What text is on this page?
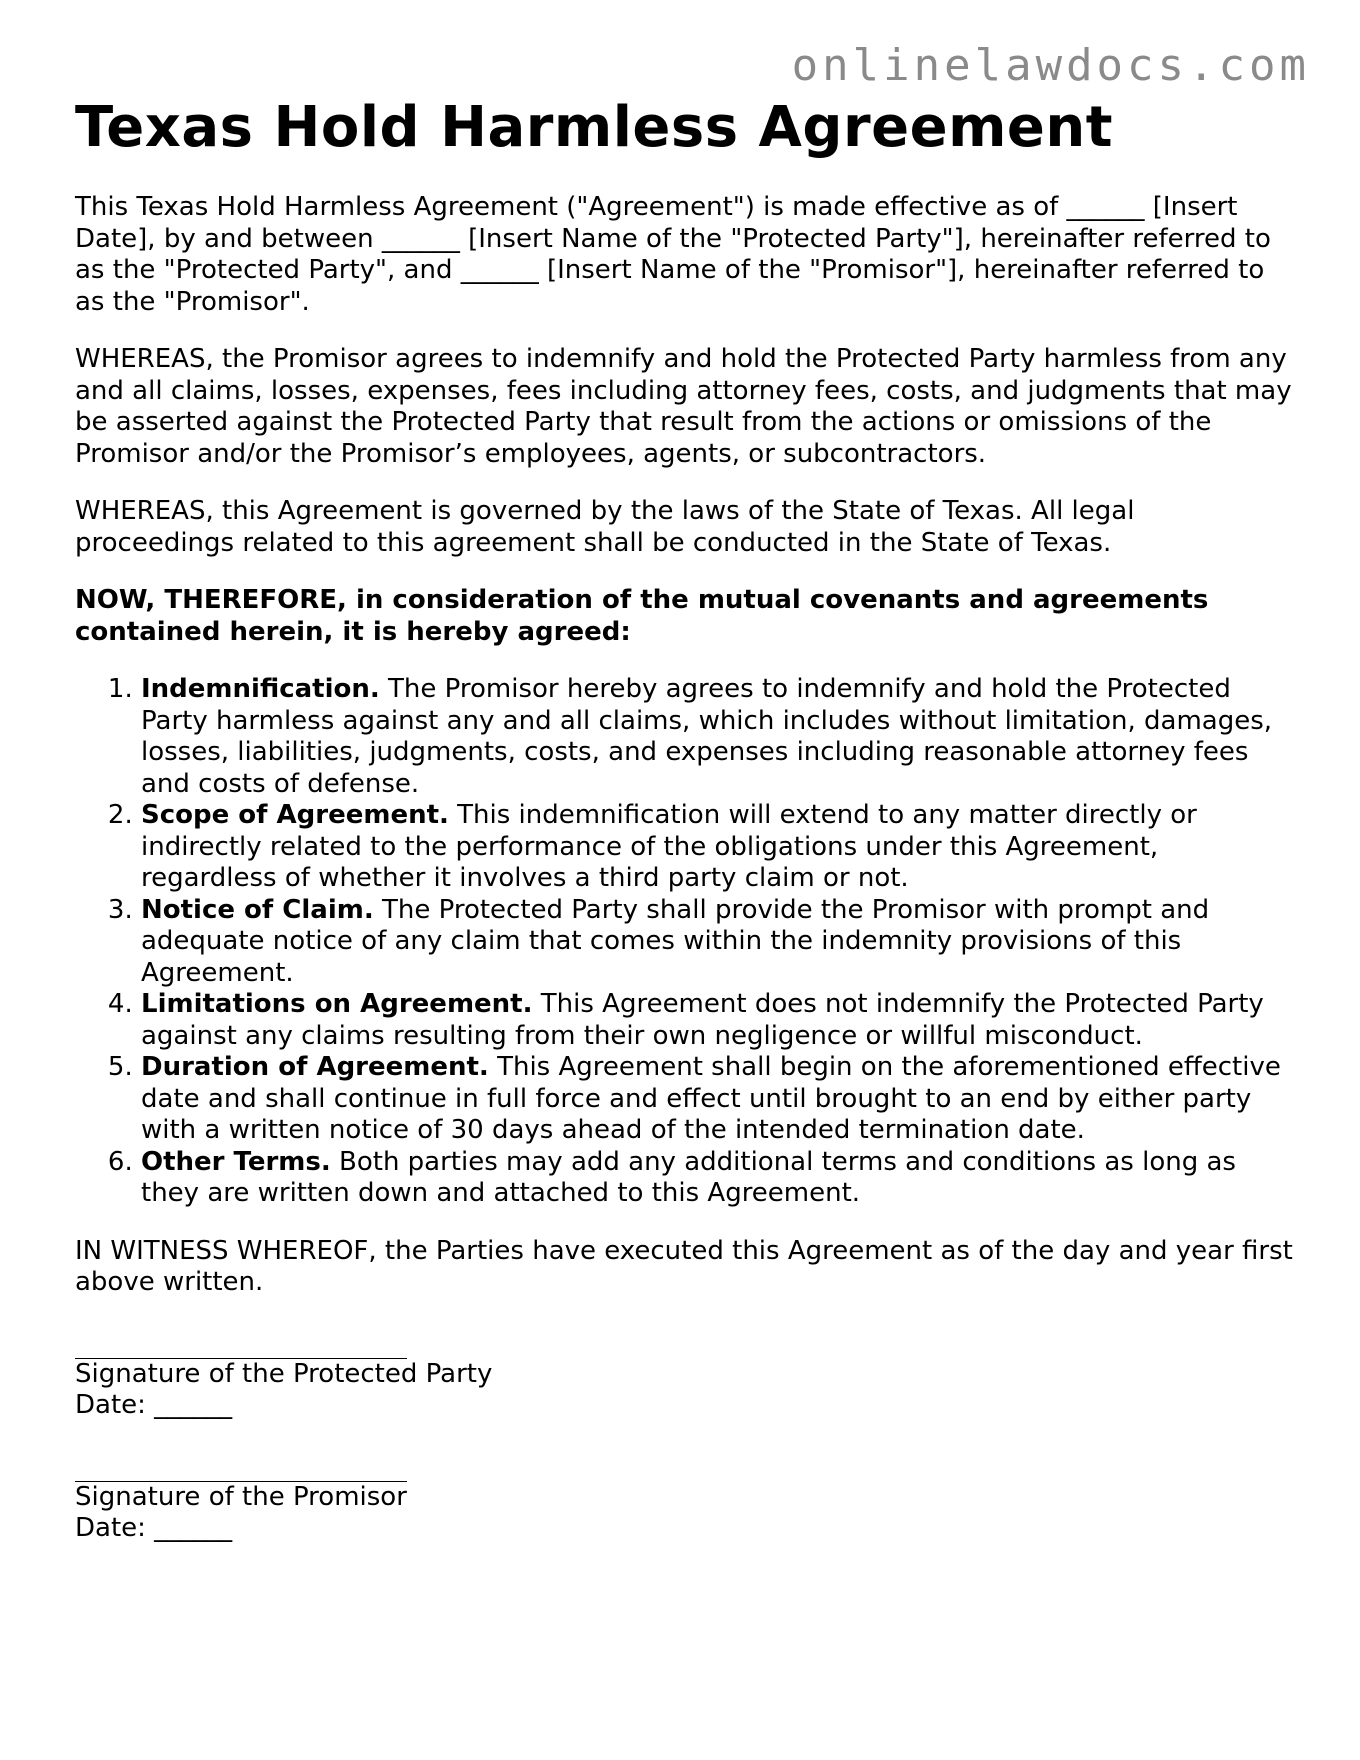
onlinelawdocs.com
Texas Hold Harmless Agreement

This Texas Hold Harmless Agreement ("Agreement") is made effective as of ______ [Insert Date], by and between ______ [Insert Name of the "Protected Party"], hereinafter referred to as the "Protected Party", and ______ [Insert Name of the "Promisor"], hereinafter referred to as the "Promisor".

WHEREAS, the Promisor agrees to indemnify and hold the Protected Party harmless from any and all claims, losses, expenses, fees including attorney fees, costs, and judgments that may be asserted against the Protected Party that result from the actions or omissions of the Promisor and/or the Promisor’s employees, agents, or subcontractors.

WHEREAS, this Agreement is governed by the laws of the State of Texas. All legal proceedings related to this agreement shall be conducted in the State of Texas.

NOW, THEREFORE, in consideration of the mutual covenants and agreements contained herein, it is hereby agreed:

1. Indemnification. The Promisor hereby agrees to indemnify and hold the Protected Party harmless against any and all claims, which includes without limitation, damages, losses, liabilities, judgments, costs, and expenses including reasonable attorney fees and costs of defense.
2. Scope of Agreement. This indemnification will extend to any matter directly or indirectly related to the performance of the obligations under this Agreement, regardless of whether it involves a third party claim or not.
3. Notice of Claim. The Protected Party shall provide the Promisor with prompt and adequate notice of any claim that comes within the indemnity provisions of this Agreement.
4. Limitations on Agreement. This Agreement does not indemnify the Protected Party against any claims resulting from their own negligence or willful misconduct.
5. Duration of Agreement. This Agreement shall begin on the aforementioned effective date and shall continue in full force and effect until brought to an end by either party with a written notice of 30 days ahead of the intended termination date.
6. Other Terms. Both parties may add any additional terms and conditions as long as they are written down and attached to this Agreement.

IN WITNESS WHEREOF, the Parties have executed this Agreement as of the day and year first above written.

Signature of the Protected Party
Date: ______
Signature of the Promisor
Date: ______
